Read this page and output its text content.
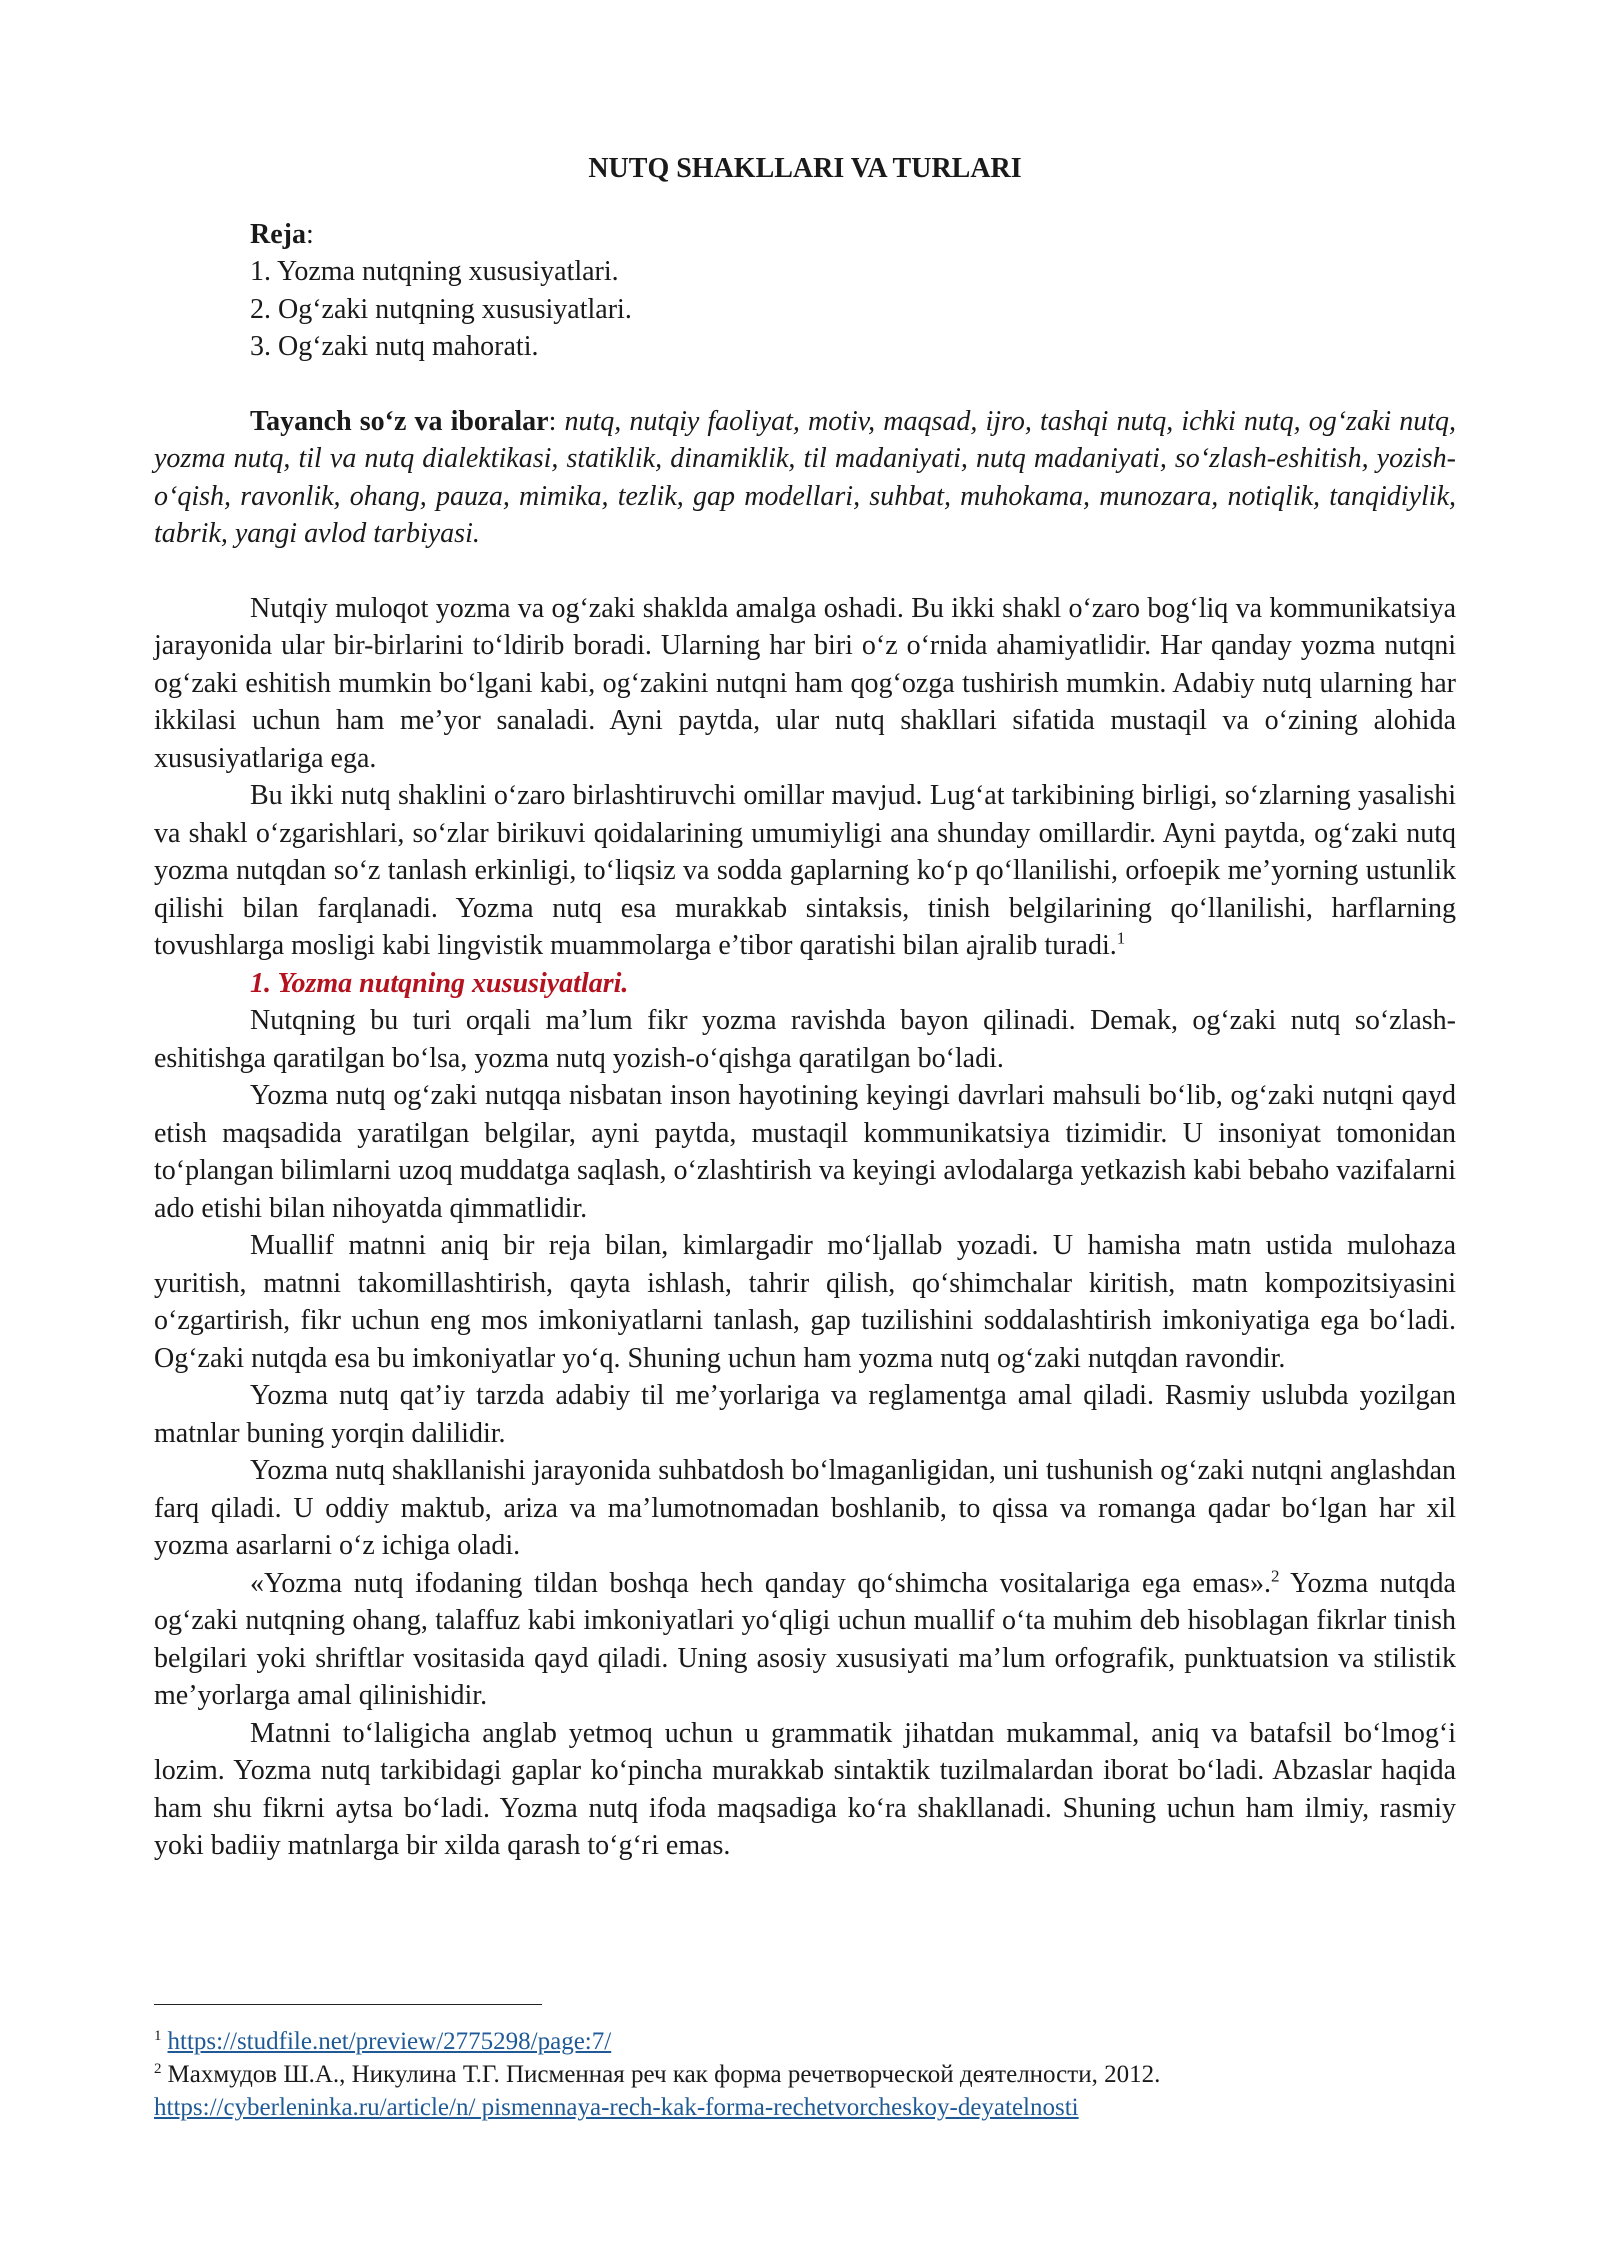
NUTQ SHAKLLARI VA TURLARI
Reja:
1. Yozma nutqning xususiyatlari.
2. Og‘zaki nutqning xususiyatlari.
3. Og‘zaki nutq mahorati.

Tayanch so‘z va iboralar: nutq, nutqiy faoliyat, motiv, maqsad, ijro, tashqi nutq, ichki nutq, og‘zaki nutq, yozma nutq, til va nutq dialektikasi, statiklik, dinamiklik, til madaniyati, nutq madaniyati, so‘zlash-eshitish, yozish-o‘qish, ravonlik, ohang, pauza, mimika, tezlik, gap modellari, suhbat, muhokama, munozara, notiqlik, tanqidiylik, tabrik, yangi avlod tarbiyasi.

Nutqiy muloqot yozma va og‘zaki shaklda amalga oshadi. Bu ikki shakl o‘zaro bog‘liq va kommunikatsiya jarayonida ular bir-birlarini to‘ldirib boradi. Ularning har biri o‘z o‘rnida ahamiyatlidir. Har qanday yozma nutqni og‘zaki eshitish mumkin bo‘lgani kabi, og‘zakini nutqni ham qog‘ozga tushirish mumkin. Adabiy nutq ularning har ikkilasi uchun ham me’yor sanaladi. Ayni paytda, ular nutq shakllari sifatida mustaqil va o‘zining alohida xususiyatlariga ega.

Bu ikki nutq shaklini o‘zaro birlashtiruvchi omillar mavjud. Lug‘at tarkibining birligi, so‘zlarning yasalishi va shakl o‘zgarishlari, so‘zlar birikuvi qoidalarining umumiyligi ana shunday omillardir. Ayni paytda, og‘zaki nutq yozma nutqdan so‘z tanlash erkinligi, to‘liqsiz va sodda gaplarning ko‘p qo‘llanilishi, orfoepik me’yorning ustunlik qilishi bilan farqlanadi. Yozma nutq esa murakkab sintaksis, tinish belgilarining qo‘llanilishi, harflarning tovushlarga mosligi kabi lingvistik muammolarga e’tibor qaratishi bilan ajralib turadi.$^1$

1. Yozma nutqning xususiyatlari.

Nutqning bu turi orqali ma’lum fikr yozma ravishda bayon qilinadi. Demak, og‘zaki nutq so‘zlash-eshitishga qaratilgan bo‘lsa, yozma nutq yozish-o‘qishga qaratilgan bo‘ladi.

Yozma nutq og‘zaki nutqqa nisbatan inson hayotining keyingi davrlari mahsuli bo‘lib, og‘zaki nutqni qayd etish maqsadida yaratilgan belgilar, ayni paytda, mustaqil kommunikatsiya tizimidir. U insoniyat tomonidan to‘plangan bilimlarni uzoq muddatga saqlash, o‘zlashtirish va keyingi avlodalarga yetkazish kabi bebaho vazifalarni ado etishi bilan nihoyatda qimmatlidir.

Muallif matnni aniq bir reja bilan, kimlargadir mo‘ljallab yozadi. U hamisha matn ustida mulohaza yuritish, matnni takomillashtirish, qayta ishlash, tahrir qilish, qo‘shimchalar kiritish, matn kompozitsiyasini o‘zgartirish, fikr uchun eng mos imkoniyatlarni tanlash, gap tuzilishini soddalashtirish imkoniyatiga ega bo‘ladi. Og‘zaki nutqda esa bu imkoniyatlar yo‘q. Shuning uchun ham yozma nutq og‘zaki nutqdan ravondir.

Yozma nutq qat’iy tarzda adabiy til me’yorlariga va reglamentga amal qiladi. Rasmiy uslubda yozilgan matnlar buning yorqin dalilidir.

Yozma nutq shakllanishi jarayonida suhbatdosh bo‘lmaganligidan, uni tushunish og‘zaki nutqni anglashdan farq qiladi. U oddiy maktub, ariza va ma’lumotnomadan boshlanib, to qissa va romanga qadar bo‘lgan har xil yozma asarlarni o‘z ichiga oladi.

«Yozma nutq ifodaning tildan boshqa hech qanday qo‘shimcha vositalariga ega emas».$^2$ Yozma nutqda og‘zaki nutqning ohang, talaffuz kabi imkoniyatlari yo‘qligi uchun muallif o‘ta muhim deb hisoblagan fikrlar tinish belgilari yoki shriftlar vositasida qayd qiladi. Uning asosiy xususiyati ma’lum orfografik, punktuatsion va stilistik me’yorlarga amal qilinishidir.

Matnni to‘laligicha anglab yetmoq uchun u grammatik jihatdan mukammal, aniq va batafsil bo‘lmog‘i lozim. Yozma nutq tarkibidagi gaplar ko‘pincha murakkab sintaktik tuzilmalardan iborat bo‘ladi. Abzaslar haqida ham shu fikrni aytsa bo‘ladi. Yozma nutq ifoda maqsadiga ko‘ra shakllanadi. Shuning uchun ham ilmiy, rasmiy yoki badiiy matnlarga bir xilda qarash to‘g‘ri emas.

$^1$ https://studfile.net/preview/2775298/page:7/
$^2$ Махмудов Ш.А., Никулина Т.Г. Писменная реч как форма речетворческой деятелности, 2012.
https://cyberleninka.ru/article/n/ pismennaya-rech-kak-forma-rechetvorcheskoy-deyatelnosti
